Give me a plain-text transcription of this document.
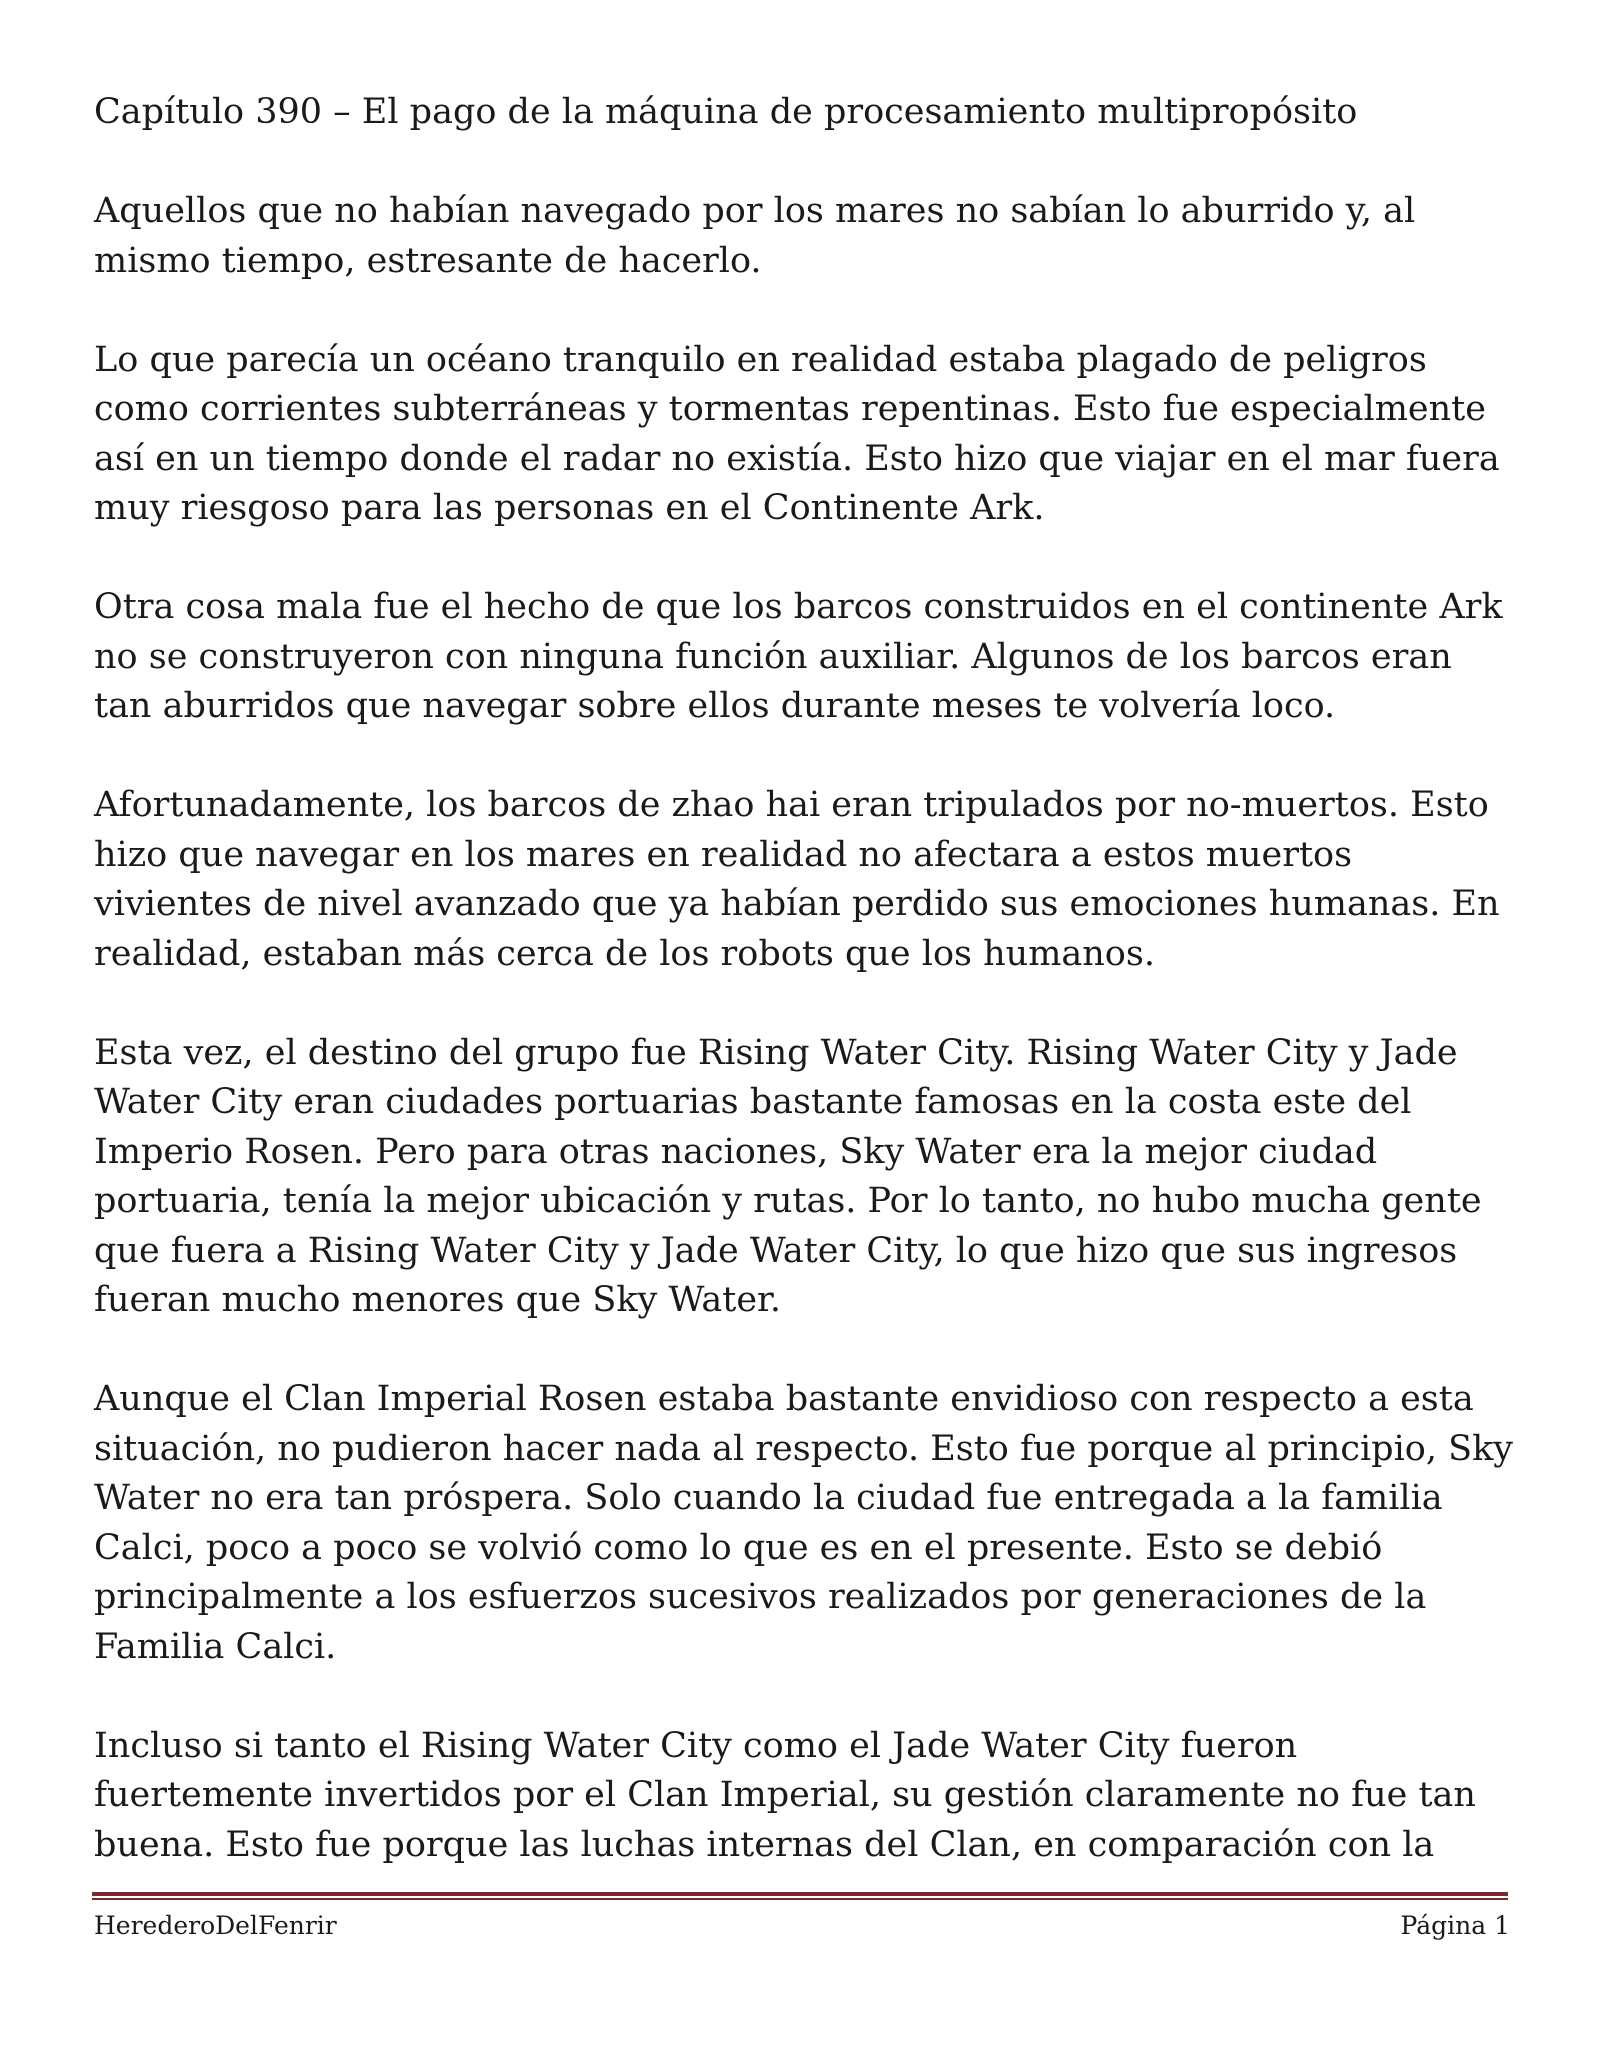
Capítulo 390 – El pago de la máquina de procesamiento multipropósito

Aquellos que no habían navegado por los mares no sabían lo aburrido y, al mismo tiempo, estresante de hacerlo.

Lo que parecía un océano tranquilo en realidad estaba plagado de peligros como corrientes subterráneas y tormentas repentinas. Esto fue especialmente así en un tiempo donde el radar no existía. Esto hizo que viajar en el mar fuera muy riesgoso para las personas en el Continente Ark.

Otra cosa mala fue el hecho de que los barcos construidos en el continente Ark no se construyeron con ninguna función auxiliar. Algunos de los barcos eran tan aburridos que navegar sobre ellos durante meses te volvería loco.

Afortunadamente, los barcos de zhao hai eran tripulados por no-muertos. Esto hizo que navegar en los mares en realidad no afectara a estos muertos vivientes de nivel avanzado que ya habían perdido sus emociones humanas. En realidad, estaban más cerca de los robots que los humanos.

Esta vez, el destino del grupo fue Rising Water City. Rising Water City y Jade Water City eran ciudades portuarias bastante famosas en la costa este del Imperio Rosen. Pero para otras naciones, Sky Water era la mejor ciudad portuaria, tenía la mejor ubicación y rutas. Por lo tanto, no hubo mucha gente que fuera a Rising Water City y Jade Water City, lo que hizo que sus ingresos fueran mucho menores que Sky Water.

Aunque el Clan Imperial Rosen estaba bastante envidioso con respecto a esta situación, no pudieron hacer nada al respecto. Esto fue porque al principio, Sky Water no era tan próspera. Solo cuando la ciudad fue entregada a la familia Calci, poco a poco se volvió como lo que es en el presente. Esto se debió principalmente a los esfuerzos sucesivos realizados por generaciones de la Familia Calci.

Incluso si tanto el Rising Water City como el Jade Water City fueron fuertemente invertidos por el Clan Imperial, su gestión claramente no fue tan buena. Esto fue porque las luchas internas del Clan, en comparación con la

HerederoDelFenrir	Página 1
